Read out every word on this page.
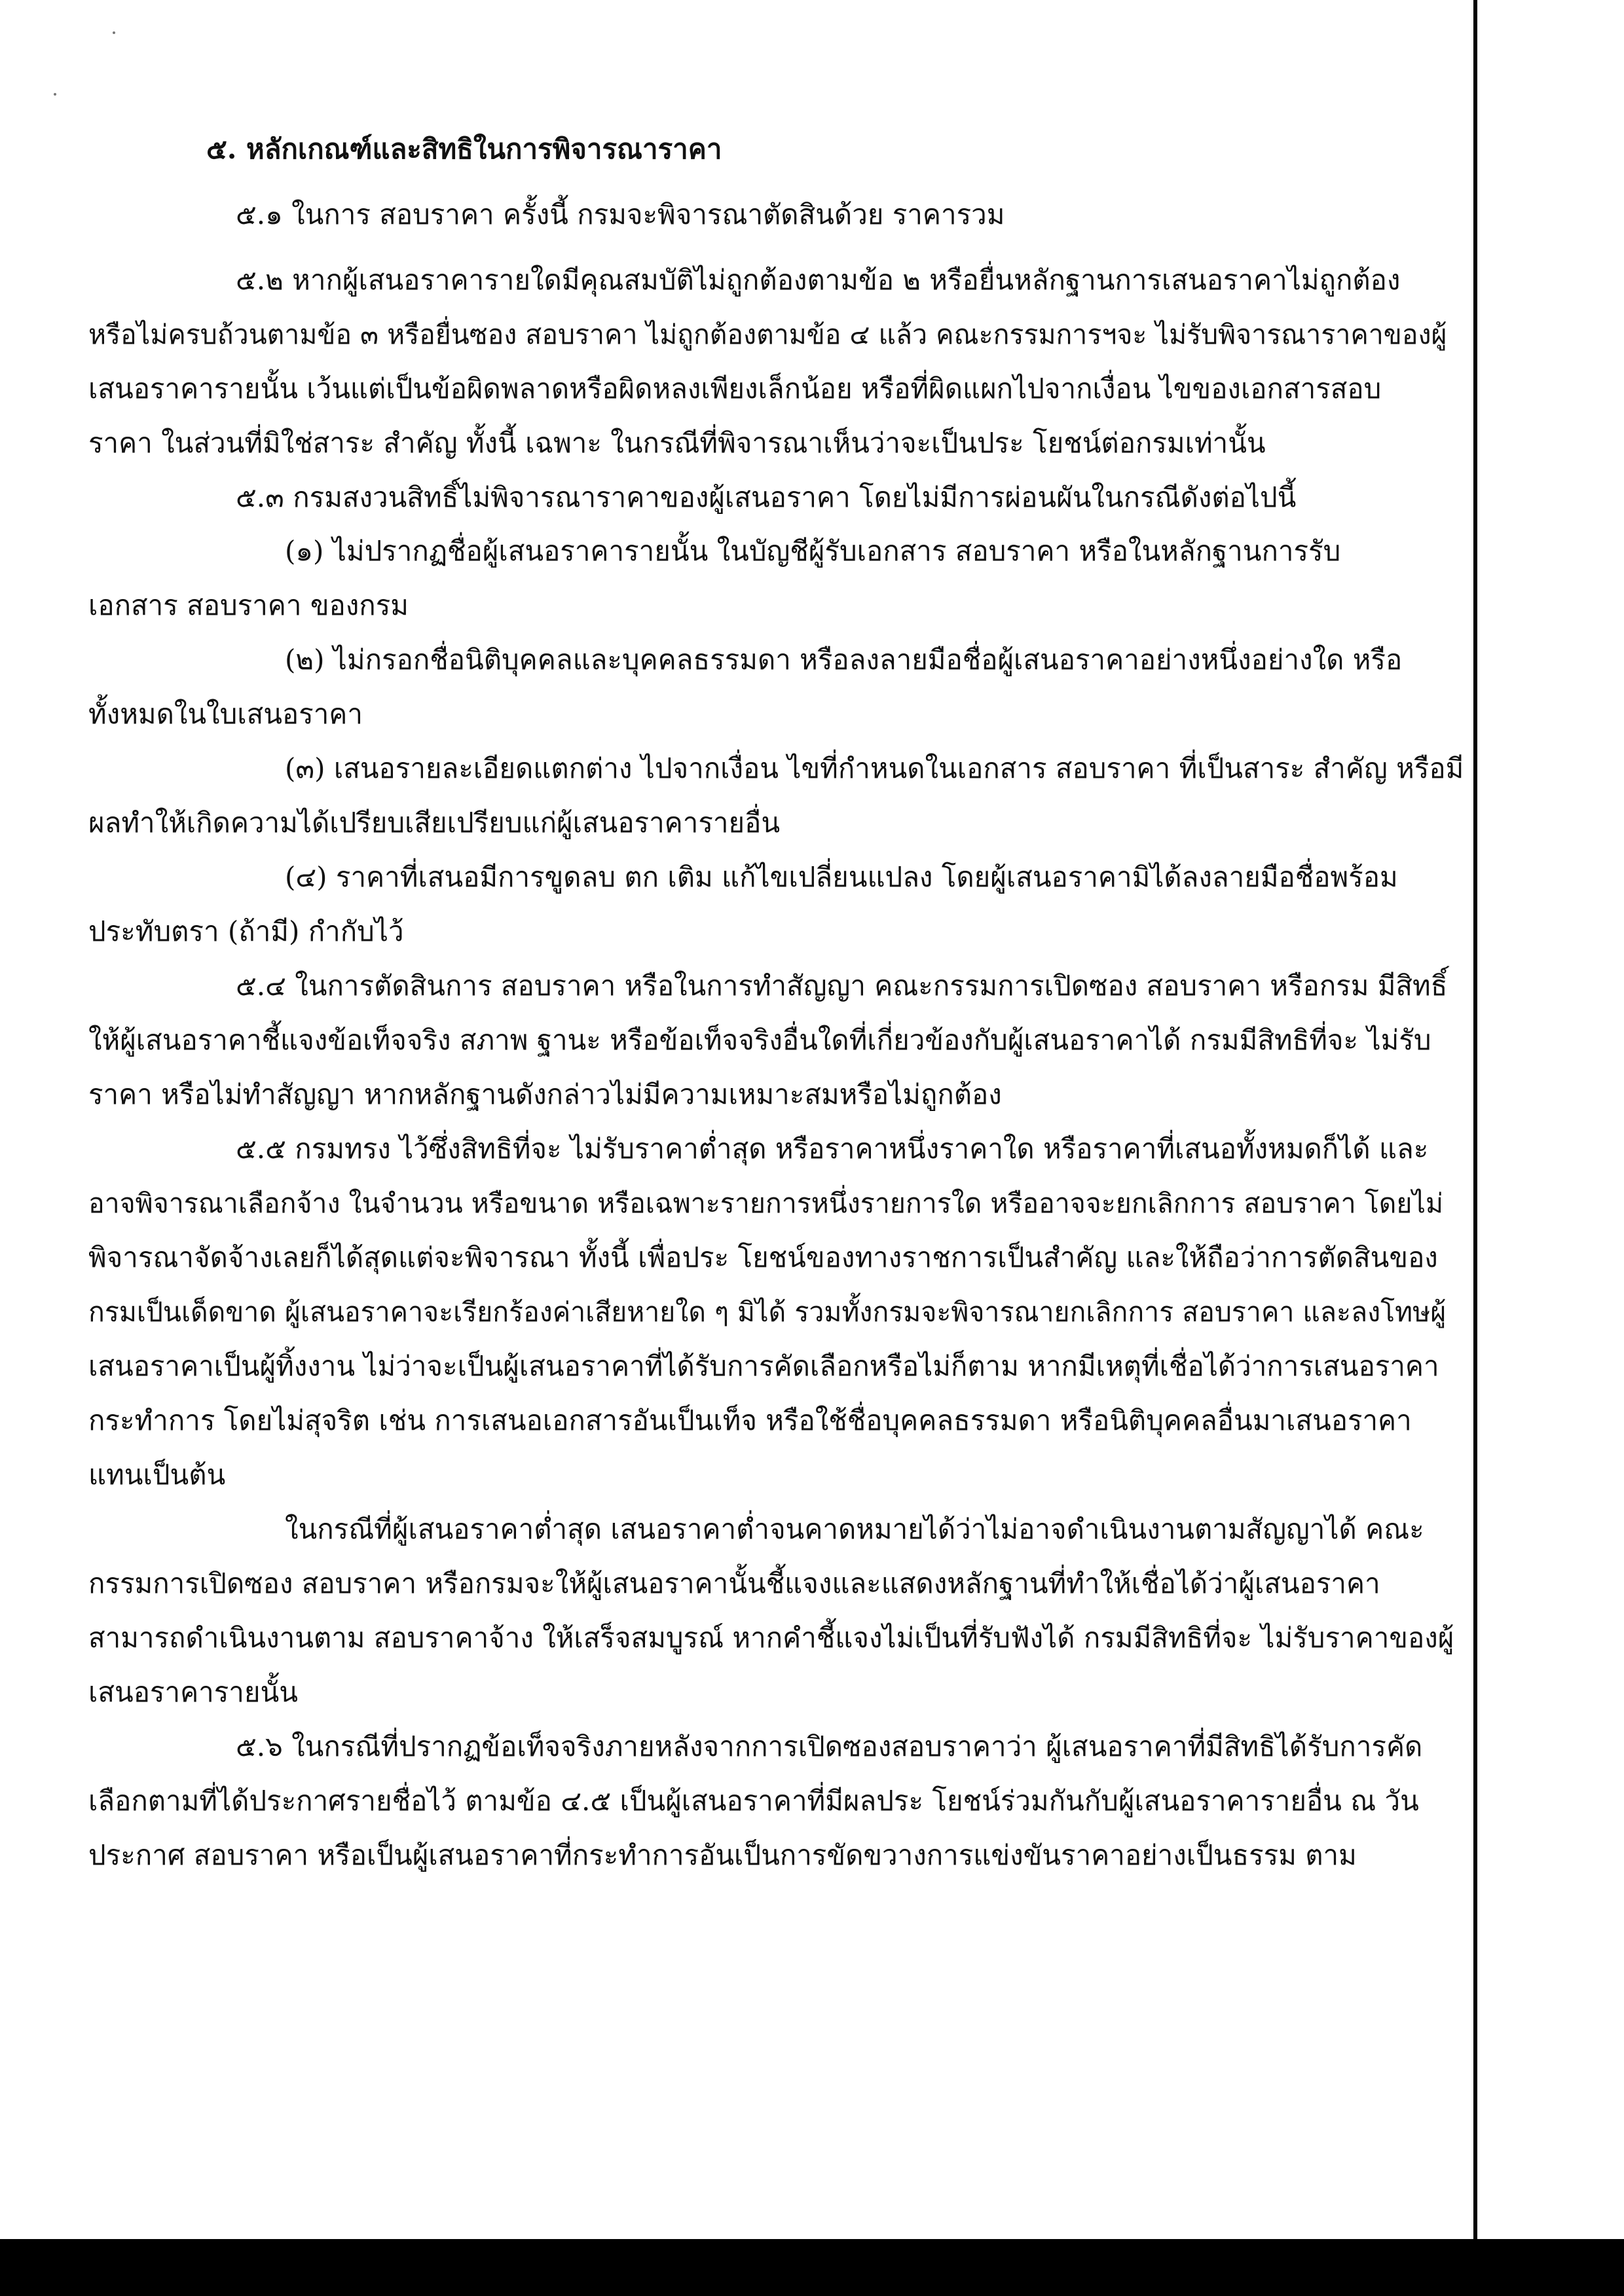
๕. หลักเกณฑ์และสิทธิในการพิจารณาราคา
๕.๑ ในการ สอบราคา ครั้งนี้ กรมจะพิจารณาตัดสินด้วย ราคารวม
๕.๒ หากผู้เสนอราคารายใดมีคุณสมบัติไม่ถูกต้องตามข้อ ๒ หรือยื่นหลักฐานการเสนอราคาไม่ถูกต้อง
หรือไม่ครบถ้วนตามข้อ ๓ หรือยื่นซอง สอบราคา ไม่ถูกต้องตามข้อ ๔ แล้ว คณะกรรมการฯจะ ไม่รับพิจารณาราคาของผู้
เสนอราคารายนั้น เว้นแต่เป็นข้อผิดพลาดหรือผิดหลงเพียงเล็กน้อย หรือที่ผิดแผกไปจากเงื่อน ไขของเอกสารสอบ
ราคา ในส่วนที่มิใช่สาระ สำคัญ ทั้งนี้ เฉพาะ ในกรณีที่พิจารณาเห็นว่าจะเป็นประ โยชน์ต่อกรมเท่านั้น
๕.๓ กรมสงวนสิทธิ์ไม่พิจารณาราคาของผู้เสนอราคา โดยไม่มีการผ่อนผันในกรณีดังต่อไปนี้
(๑) ไม่ปรากฏชื่อผู้เสนอราคารายนั้น ในบัญชีผู้รับเอกสาร สอบราคา หรือในหลักฐานการรับ
เอกสาร สอบราคา ของกรม
(๒) ไม่กรอกชื่อนิติบุคคลและบุคคลธรรมดา หรือลงลายมือชื่อผู้เสนอราคาอย่างหนึ่งอย่างใด หรือ
ทั้งหมดในใบเสนอราคา
(๓) เสนอรายละเอียดแตกต่าง ไปจากเงื่อน ไขที่กำหนดในเอกสาร สอบราคา ที่เป็นสาระ สำคัญ หรือมี
ผลทำให้เกิดความได้เปรียบเสียเปรียบแก่ผู้เสนอราคารายอื่น
(๔) ราคาที่เสนอมีการขูดลบ ตก เติม แก้ไขเปลี่ยนแปลง โดยผู้เสนอราคามิได้ลงลายมือชื่อพร้อม
ประทับตรา (ถ้ามี) กำกับไว้
๕.๔ ในการตัดสินการ สอบราคา หรือในการทำสัญญา คณะกรรมการเปิดซอง สอบราคา หรือกรม มีสิทธิ์
ให้ผู้เสนอราคาชี้แจงข้อเท็จจริง สภาพ ฐานะ หรือข้อเท็จจริงอื่นใดที่เกี่ยวข้องกับผู้เสนอราคาได้ กรมมีสิทธิที่จะ ไม่รับ
ราคา หรือไม่ทำสัญญา หากหลักฐานดังกล่าวไม่มีความเหมาะสมหรือไม่ถูกต้อง
๕.๕ กรมทรง ไว้ซึ่งสิทธิที่จะ ไม่รับราคาต่ำสุด หรือราคาหนึ่งราคาใด หรือราคาที่เสนอทั้งหมดก็ได้ และ
อาจพิจารณาเลือกจ้าง ในจำนวน หรือขนาด หรือเฉพาะรายการหนึ่งรายการใด หรืออาจจะยกเลิกการ สอบราคา โดยไม่
พิจารณาจัดจ้างเลยก็ได้สุดแต่จะพิจารณา ทั้งนี้ เพื่อประ โยชน์ของทางราชการเป็นสำคัญ และให้ถือว่าการตัดสินของ
กรมเป็นเด็ดขาด ผู้เสนอราคาจะเรียกร้องค่าเสียหายใด ๆ มิได้ รวมทั้งกรมจะพิจารณายกเลิกการ สอบราคา และลงโทษผู้
เสนอราคาเป็นผู้ทิ้งงาน ไม่ว่าจะเป็นผู้เสนอราคาที่ได้รับการคัดเลือกหรือไม่ก็ตาม หากมีเหตุที่เชื่อได้ว่าการเสนอราคา
กระทำการ โดยไม่สุจริต เช่น การเสนอเอกสารอันเป็นเท็จ หรือใช้ชื่อบุคคลธรรมดา หรือนิติบุคคลอื่นมาเสนอราคา
แทนเป็นต้น
ในกรณีที่ผู้เสนอราคาต่ำสุด เสนอราคาต่ำจนคาดหมายได้ว่าไม่อาจดำเนินงานตามสัญญาได้ คณะ
กรรมการเปิดซอง สอบราคา หรือกรมจะให้ผู้เสนอราคานั้นชี้แจงและแสดงหลักฐานที่ทำให้เชื่อได้ว่าผู้เสนอราคา
สามารถดำเนินงานตาม สอบราคาจ้าง ให้เสร็จสมบูรณ์ หากคำชี้แจงไม่เป็นที่รับฟังได้ กรมมีสิทธิที่จะ ไม่รับราคาของผู้
เสนอราคารายนั้น
๕.๖ ในกรณีที่ปรากฏข้อเท็จจริงภายหลังจากการเปิดซองสอบราคาว่า ผู้เสนอราคาที่มีสิทธิได้รับการคัด
เลือกตามที่ได้ประกาศรายชื่อไว้ ตามข้อ ๔.๕ เป็นผู้เสนอราคาที่มีผลประ โยชน์ร่วมกันกับผู้เสนอราคารายอื่น ณ วัน
ประกาศ สอบราคา หรือเป็นผู้เสนอราคาที่กระทำการอันเป็นการขัดขวางการแข่งขันราคาอย่างเป็นธรรม ตาม
